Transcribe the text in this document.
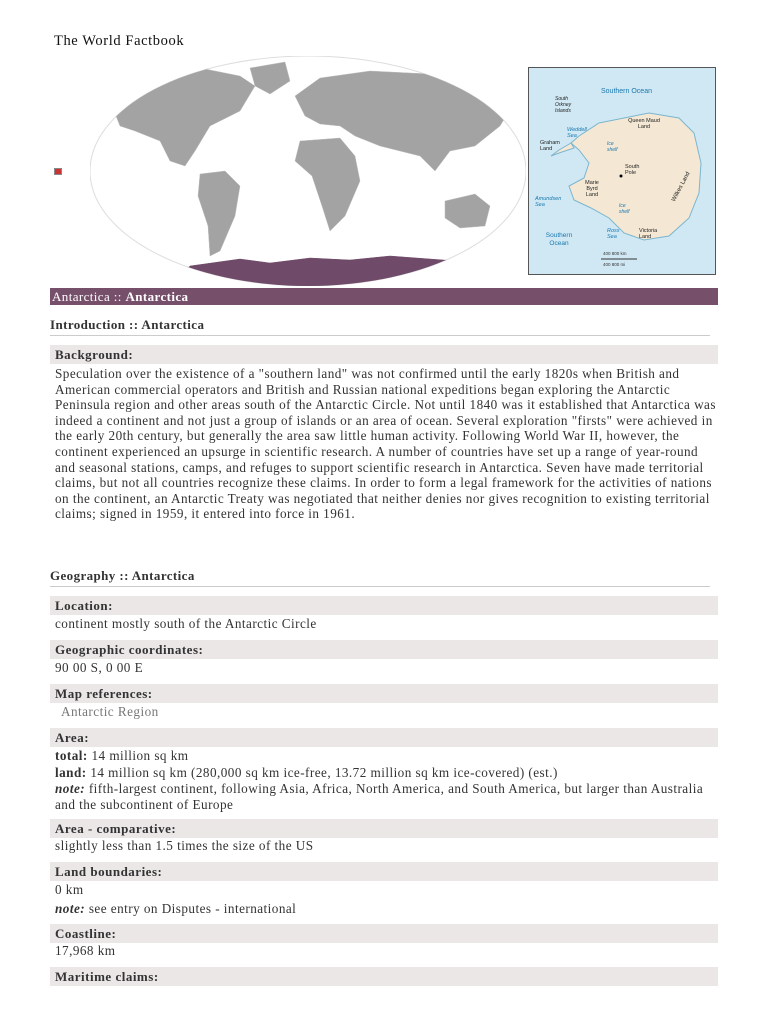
The World Factbook
Southern Ocean
South Orkney Islands
Queen Maud Land
Weddell Sea
Graham Land
Ice shelf
South Pole
Marie Byrd Land
Amundsen Sea	Ice shelf
Wilkes Land
Southern Ocean
Ross Sea
Victoria Land
400 800 km
400 800 mi
Antarctica :: Antarctica
Introduction :: Antarctica
Background:
Speculation over the existence of a "southern land" was not confirmed until the early 1820s when British and American commercial operators and British and Russian national expeditions began exploring the Antarctic Peninsula region and other areas south of the Antarctic Circle. Not until 1840 was it established that Antarctica was indeed a continent and not just a group of islands or an area of ocean. Several exploration "firsts" were achieved in the early 20th century, but generally the area saw little human activity. Following World War II, however, the continent experienced an upsurge in scientific research. A number of countries have set up a range of year-round and seasonal stations, camps, and refuges to support scientific research in Antarctica. Seven have made territorial claims, but not all countries recognize these claims. In order to form a legal framework for the activities of nations on the continent, an Antarctic Treaty was negotiated that neither denies nor gives recognition to existing territorial claims; signed in 1959, it entered into force in 1961.
Geography :: Antarctica
Location:
continent mostly south of the Antarctic Circle
Geographic coordinates:
90 00 S, 0 00 E
Map references:
Antarctic Region
Area:
total: 14 million sq km
land: 14 million sq km (280,000 sq km ice-free, 13.72 million sq km ice-covered) (est.)
note: fifth-largest continent, following Asia, Africa, North America, and South America, but larger than Australia and the subcontinent of Europe
Area - comparative:
slightly less than 1.5 times the size of the US
Land boundaries:
0 km
note: see entry on Disputes - international
Coastline:
17,968 km
Maritime claims:
